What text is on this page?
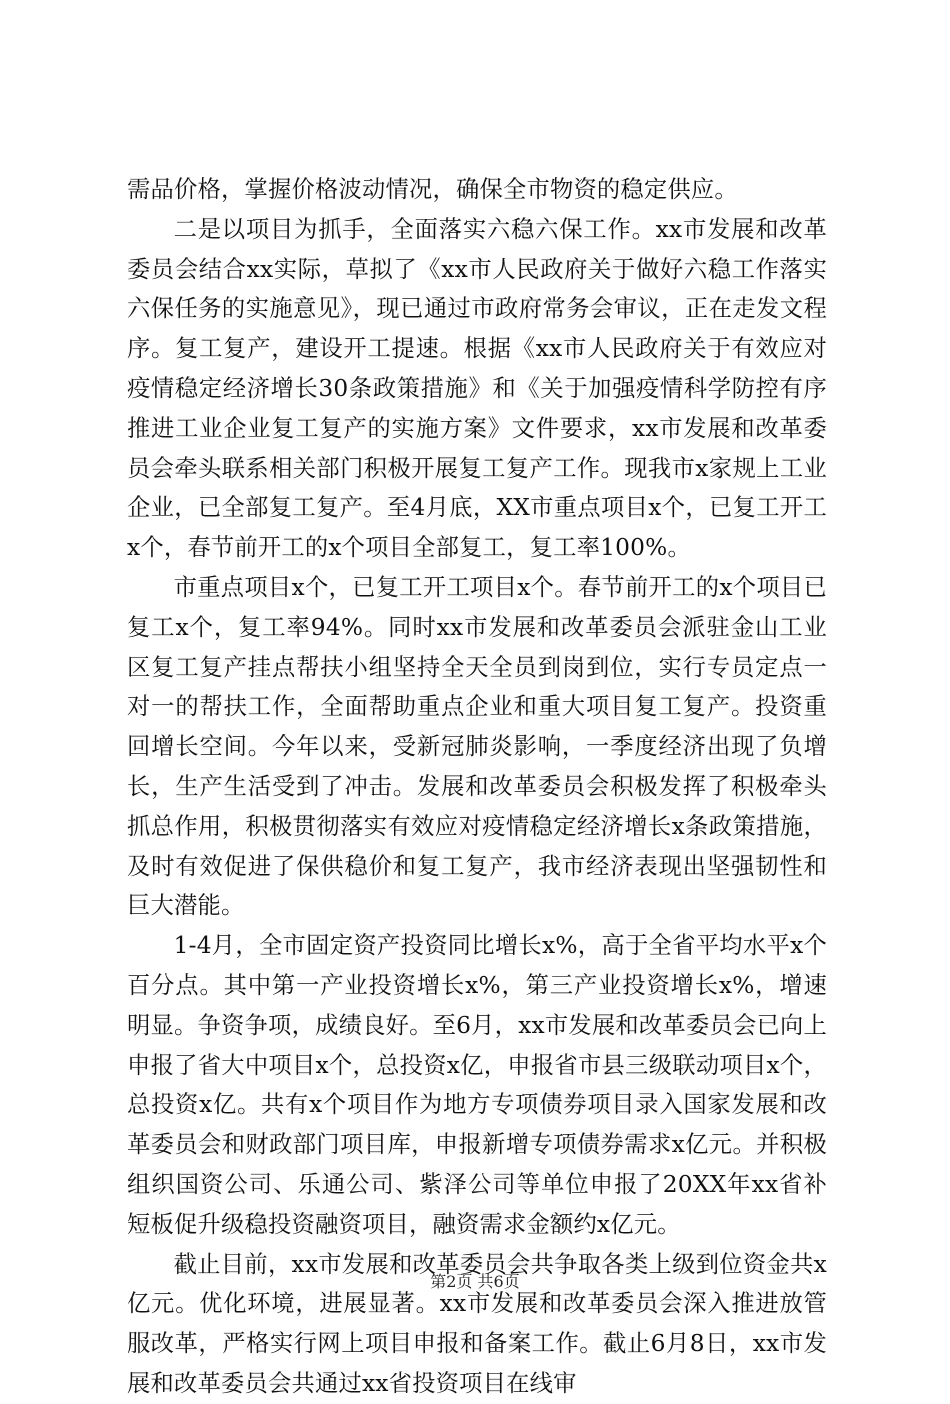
需品价格，掌握价格波动情况，确保全市物资的稳定供应。

二是以项目为抓手，全面落实六稳六保工作。xx市发展和改革委员会结合xx实际，草拟了《xx市人民政府关于做好六稳工作落实六保任务的实施意见》，现已通过市政府常务会审议，正在走发文程序。复工复产，建设开工提速。根据《xx市人民政府关于有效应对疫情稳定经济增长30条政策措施》和《关于加强疫情科学防控有序推进工业企业复工复产的实施方案》文件要求，xx市发展和改革委员会牵头联系相关部门积极开展复工复产工作。现我市x家规上工业企业，已全部复工复产。至4月底，XX市重点项目x个，已复工开工x个，春节前开工的x个项目全部复工，复工率100%。

市重点项目x个，已复工开工项目x个。春节前开工的x个项目已复工x个，复工率94%。同时xx市发展和改革委员会派驻金山工业区复工复产挂点帮扶小组坚持全天全员到岗到位，实行专员定点一对一的帮扶工作，全面帮助重点企业和重大项目复工复产。投资重回增长空间。今年以来，受新冠肺炎影响，一季度经济出现了负增长，生产生活受到了冲击。发展和改革委员会积极发挥了积极牵头抓总作用，积极贯彻落实有效应对疫情稳定经济增长x条政策措施，及时有效促进了保供稳价和复工复产，我市经济表现出坚强韧性和巨大潜能。

1-4月，全市固定资产投资同比增长x%，高于全省平均水平x个百分点。其中第一产业投资增长x%，第三产业投资增长x%，增速明显。争资争项，成绩良好。至6月，xx市发展和改革委员会已向上申报了省大中项目x个，总投资x亿，申报省市县三级联动项目x个，总投资x亿。共有x个项目作为地方专项债券项目录入国家发展和改革委员会和财政部门项目库，申报新增专项债券需求x亿元。并积极组织国资公司、乐通公司、紫泽公司等单位申报了20XX年xx省补短板促升级稳投资融资项目，融资需求金额约x亿元。

截止目前，xx市发展和改革委员会共争取各类上级到位资金共x亿元。优化环境，进展显著。xx市发展和改革委员会深入推进放管服改革，严格实行网上项目申报和备案工作。截止6月8日，xx市发展和改革委员会共通过xx省投资项目在线审

第2页 共6页
